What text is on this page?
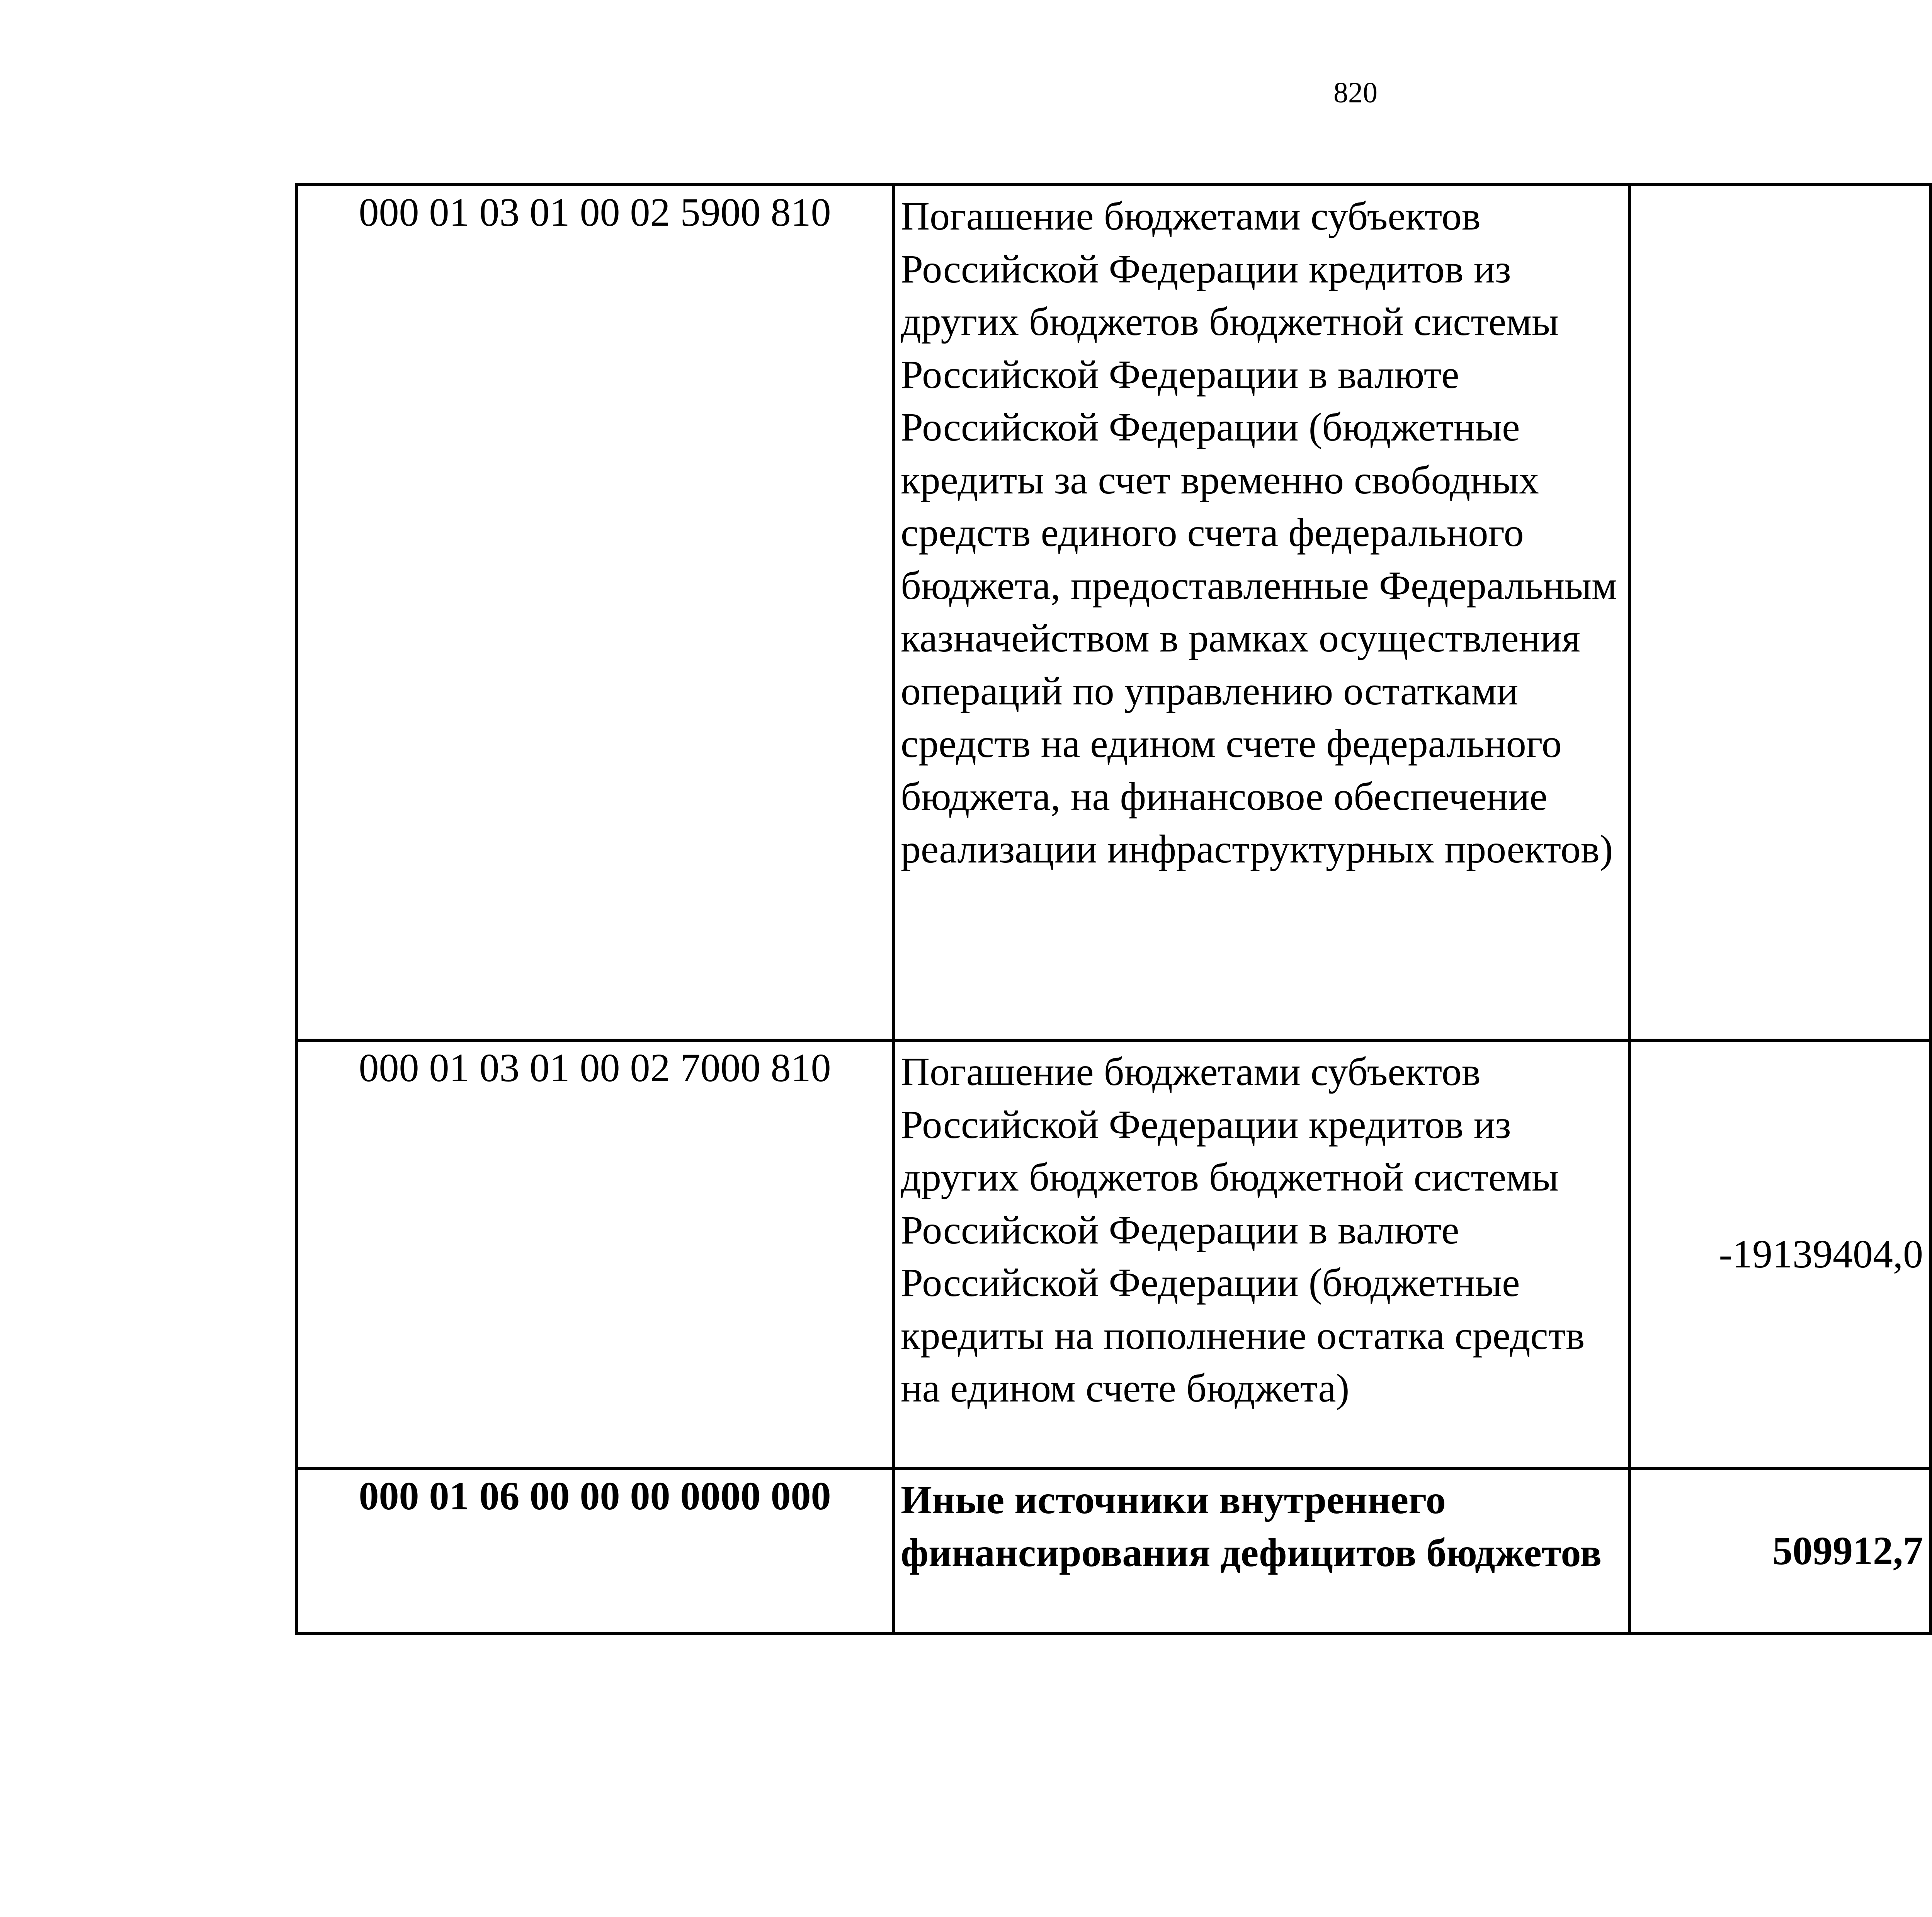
820
000 01 03 01 00 02 5900 810	Погашение бюджетами субъектов Российской Федерации кредитов из других бюджетов бюджетной системы Российской Федерации в валюте Российской Федерации (бюджетные кредиты за счет временно свободных средств единого счета федерального бюджета, предоставленные Федеральным казначейством в рамках осуществления операций по управлению остатками средств на едином счете федерального бюджета, на финансовое обеспечение реализации инфраструктурных проектов)			
000 01 03 01 00 02 7000 810	Погашение бюджетами субъектов Российской Федерации кредитов из других бюджетов бюджетной системы Российской Федерации в валюте Российской Федерации (бюджетные кредиты на пополнение остатка средств на едином счете бюджета)	-19139404,0		
000 01 06 00 00 00 0000 000	Иные источники внутреннего финансирования дефицитов бюджетов	509912,7		
